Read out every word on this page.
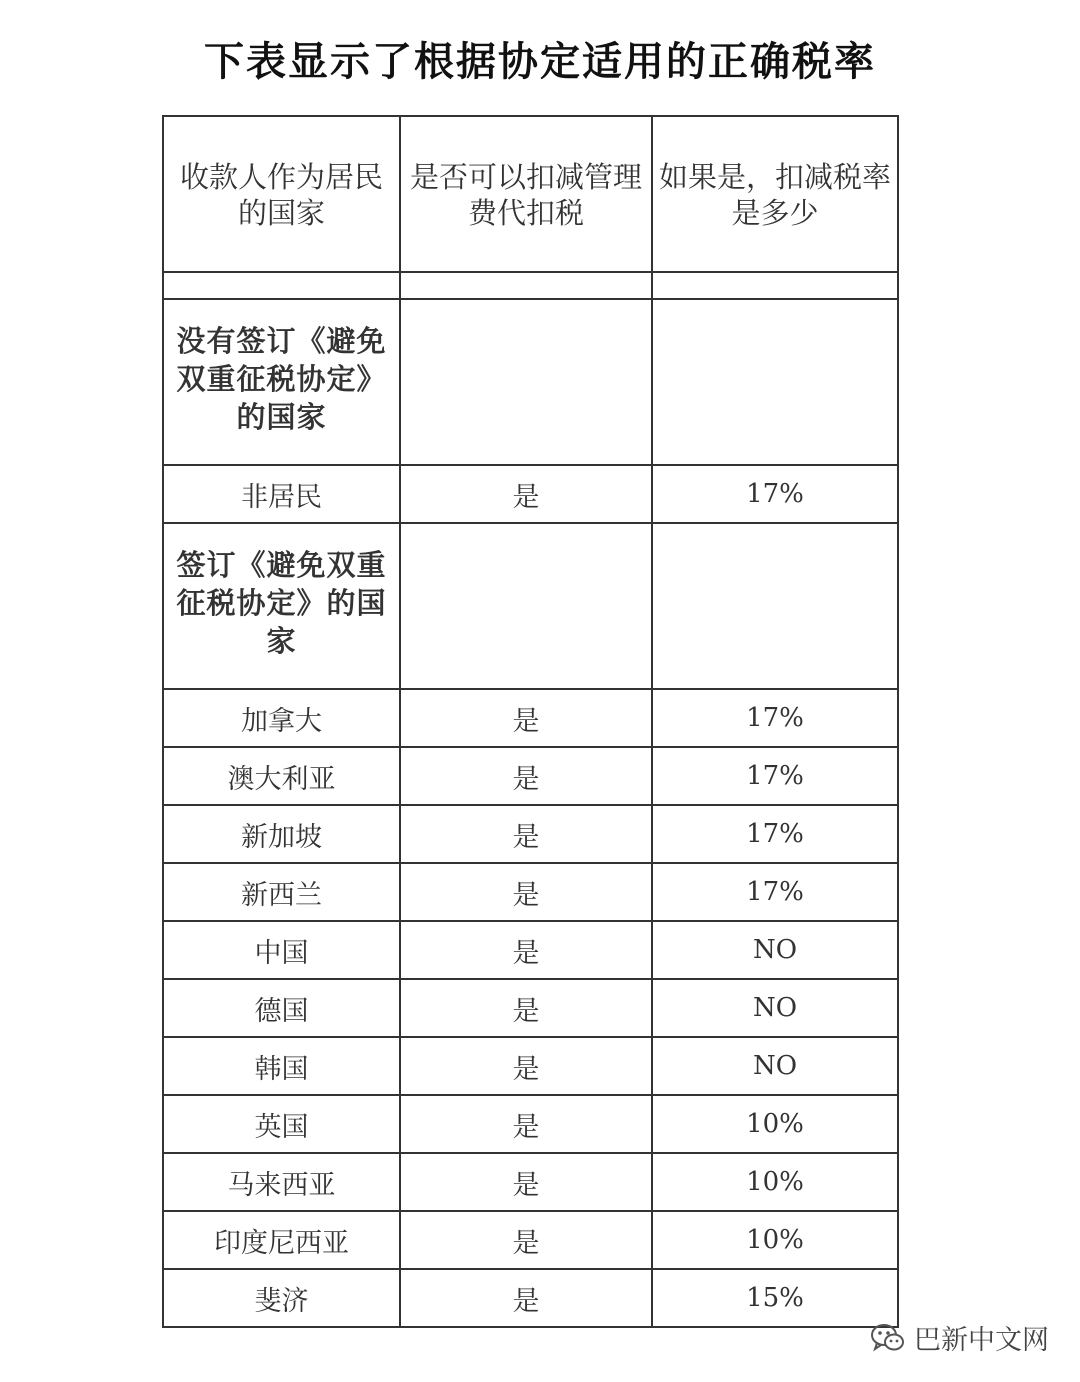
下表显示了根据协定适用的正确税率
收款人作为居民的国家	是否可以扣减管理费代扣税	如果是，扣减税率是多少

没有签订《避免双重征税协定》的国家		
非居民	是	17%
签订《避免双重征税协定》的国家		
加拿大	是	17%
澳大利亚	是	17%
新加坡	是	17%
新西兰	是	17%
中国	是	NO
德国	是	NO
韩国	是	NO
英国	是	10%
马来西亚	是	10%
印度尼西亚	是	10%
斐济	是	15%
巴新中文网
